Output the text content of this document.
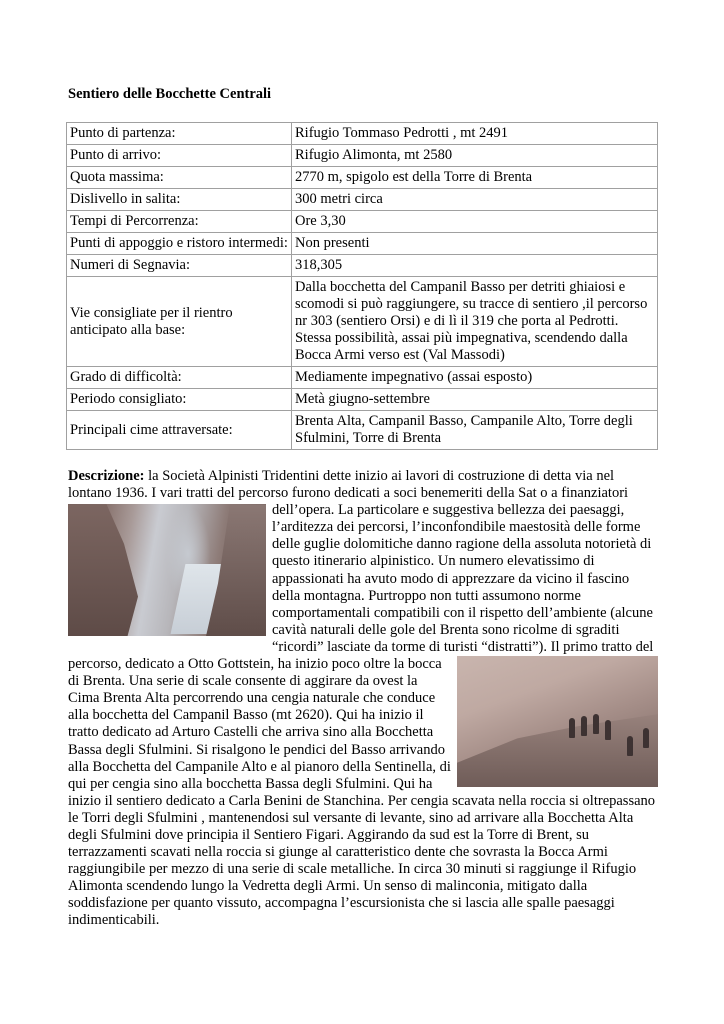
Sentiero delle Bocchette Centrali
Punto di partenza:	Rifugio Tommaso Pedrotti , mt 2491
Punto di arrivo:	Rifugio Alimonta, mt 2580
Quota massima:	2770 m, spigolo est della Torre di Brenta
Dislivello in salita:	300 metri circa
Tempi di Percorrenza:	Ore 3,30
Punti di appoggio e ristoro intermedi:	Non presenti
Numeri di Segnavia:	318,305
Vie consigliate per il rientro anticipato alla base:	Dalla bocchetta del Campanil Basso per detriti ghiaiosi e scomodi si può raggiungere, su tracce di sentiero ,il percorso nr 303 (sentiero Orsi) e di lì il 319 che porta al Pedrotti. Stessa possibilità, assai più impegnativa, scendendo dalla Bocca Armi verso est (Val Massodi)
Grado di difficoltà:	Mediamente impegnativo (assai esposto)
Periodo consigliato:	Metà giugno-settembre
Principali cime attraversate:	Brenta Alta, Campanil Basso, Campanile Alto, Torre degli Sfulmini, Torre di Brenta

Descrizione: la Società Alpinisti Tridentini dette inizio ai lavori di costruzione di detta via nel lontano 1936. I vari tratti del percorso furono dedicati a soci benemeriti della Sat o a finanziatori
dell’opera. La particolare e suggestiva bellezza dei paesaggi, l’arditezza dei percorsi, l’inconfondibile maestosità delle forme delle guglie dolomitiche danno ragione della assoluta notorietà di questo itinerario alpinistico. Un numero elevatissimo di appassionati ha avuto modo di apprezzare da vicino il fascino della montagna. Purtroppo non tutti assumono norme comportamentali compatibili con il rispetto dell’ambiente (alcune cavità naturali delle gole del Brenta sono ricolme di sgraditi “ricordi” lasciate da torme di turisti “distratti”).
Il primo tratto del percorso, dedicato a Otto Gottstein, ha inizio poco oltre la bocca di Brenta. Una serie di scale consente di aggirare da ovest la Cima Brenta Alta percorrendo una cengia naturale che conduce alla bocchetta del Campanil Basso (mt 2620). Qui ha inizio il tratto dedicato ad Arturo Castelli che arriva sino alla Bocchetta Bassa degli Sfulmini. Si risalgono le pendici del Basso arrivando alla Bocchetta del Campanile Alto e al pianoro della Sentinella, di qui per cengia sino alla bocchetta Bassa degli Sfulmini. Qui ha inizio il sentiero dedicato a Carla Benini de Stanchina. Per cengia scavata nella roccia si oltrepassano le Torri degli Sfulmini , mantenendosi sul versante di levante, sino ad arrivare alla Bocchetta Alta degli Sfulmini dove principia il Sentiero Figari. Aggirando da sud est la Torre di Brent, su terrazzamenti scavati nella roccia si giunge al caratteristico dente che sovrasta la Bocca Armi raggiungibile per mezzo di una serie di scale metalliche. In circa 30 minuti si raggiunge il Rifugio Alimonta scendendo lungo la Vedretta degli Armi. Un senso di malinconia, mitigato dalla soddisfazione per quanto vissuto, accompagna l’escursionista che si lascia alle spalle paesaggi indimenticabili.
